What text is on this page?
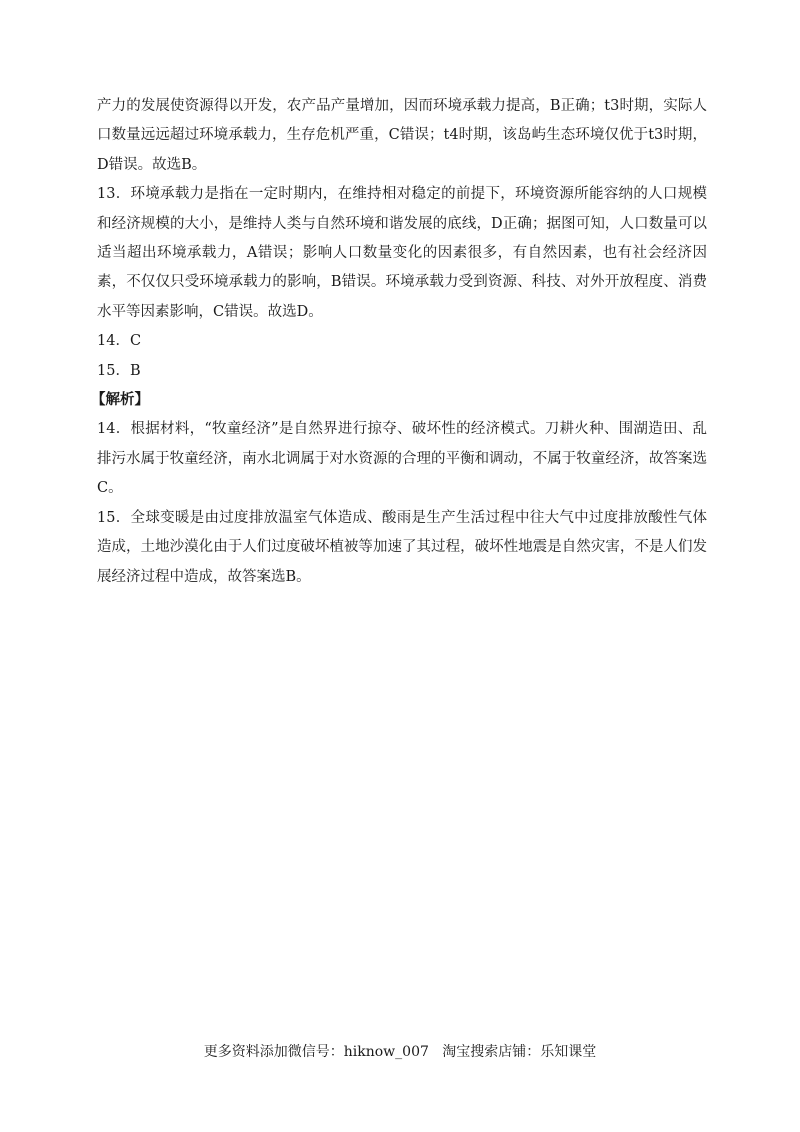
产力的发展使资源得以开发，农产品产量增加，因而环境承载力提高，B正确；t3时期，实际人口数量远远超过环境承载力，生存危机严重，C错误；t4时期，该岛屿生态环境仅优于t3时期，D错误。故选B。

13．环境承载力是指在一定时期内，在维持相对稳定的前提下，环境资源所能容纳的人口规模和经济规模的大小，是维持人类与自然环境和谐发展的底线，D正确；据图可知，人口数量可以适当超出环境承载力，A错误；影响人口数量变化的因素很多，有自然因素，也有社会经济因素，不仅仅只受环境承载力的影响，B错误。环境承载力受到资源、科技、对外开放程度、消费水平等因素影响，C错误。故选D。

14．C

15．B

【解析】

14．根据材料，“牧童经济”是自然界进行掠夺、破坏性的经济模式。刀耕火种、围湖造田、乱排污水属于牧童经济，南水北调属于对水资源的合理的平衡和调动，不属于牧童经济，故答案选C。

15．全球变暖是由过度排放温室气体造成、酸雨是生产生活过程中往大气中过度排放酸性气体造成，土地沙漠化由于人们过度破坏植被等加速了其过程，破坏性地震是自然灾害，不是人们发展经济过程中造成，故答案选B。

更多资料添加微信号：hiknow_007   淘宝搜索店铺：乐知课堂
